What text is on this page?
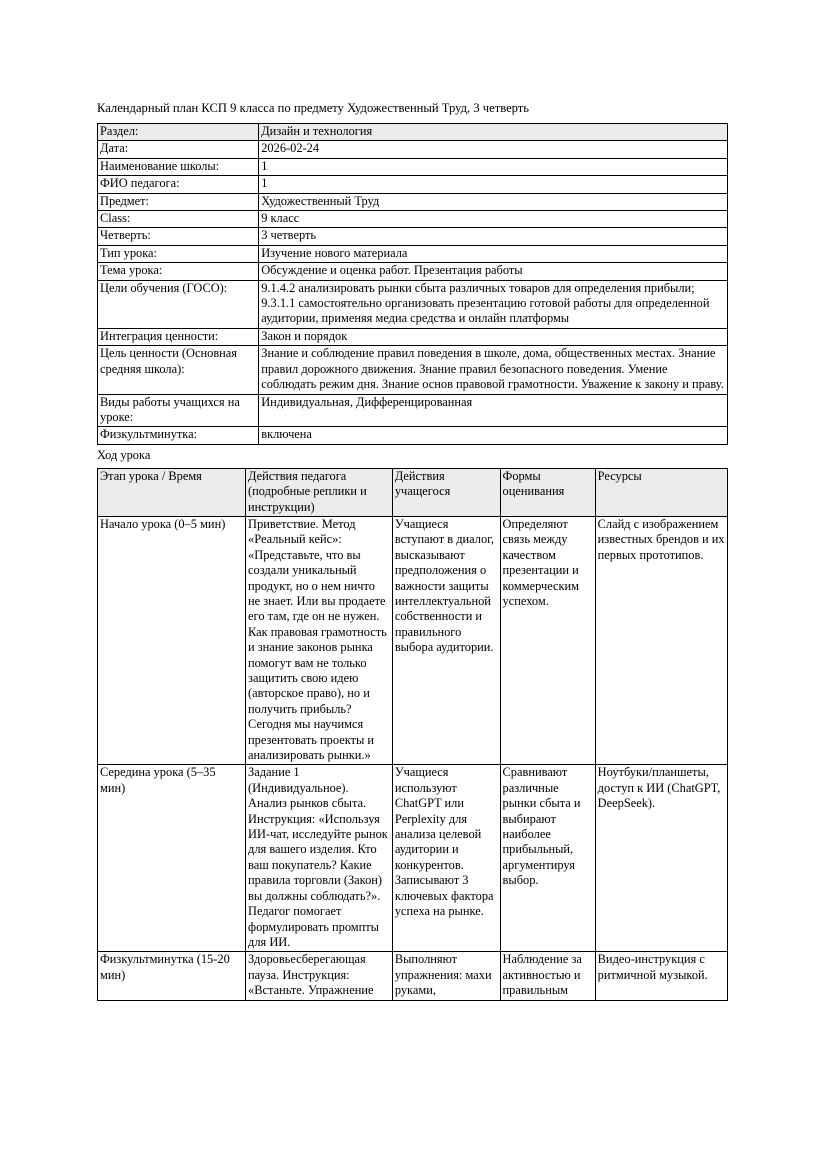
Календарный план КСП 9 класса по предмету Художественный Труд, 3 четверть

Раздел:	Дизайн и технология
Дата:	2026-02-24
Наименование школы:	1
ФИО педагога:	1
Предмет:	Художественный Труд
Class:	9 класс
Четверть:	3 четверть
Тип урока:	Изучение нового материала
Тема урока:	Обсуждение и оценка работ. Презентация работы
Цели обучения (ГОСО):	9.1.4.2 анализировать рынки сбыта различных товаров для определения прибыли; 9.3.1.1 самостоятельно организовать презентацию готовой работы для определенной аудитории, применяя медиа средства и онлайн платформы
Интеграция ценности:	Закон и порядок
Цель ценности (Основная средняя школа):	Знание и соблюдение правил поведения в школе, дома, общественных местах. Знание правил дорожного движения. Знание правил безопасного поведения. Умение соблюдать режим дня. Знание основ правовой грамотности. Уважение к закону и праву.
Виды работы учащихся на уроке:	Индивидуальная, Дифференцированная
Физкультминутка:	включена

Ход урока

Этап урока / Время	Действия педагога (подробные реплики и инструкции)	Действия учащегося	Формы оценивания	Ресурсы
Начало урока (0–5 мин)	Приветствие. Метод «Реальный кейс»: «Представьте, что вы создали уникальный продукт, но о нем ничто не знает. Или вы продаете его там, где он не нужен. Как правовая грамотность и знание законов рынка помогут вам не только защитить свою идею (авторское право), но и получить прибыль? Сегодня мы научимся презентовать проекты и анализировать рынки.»	Учащиеся вступают в диалог, высказывают предположения о важности защиты интеллектуальной собственности и правильного выбора аудитории.	Определяют связь между качеством презентации и коммерческим успехом.	Слайд с изображением известных брендов и их первых прототипов.
Середина урока (5–35 мин)	Задание 1 (Индивидуальное). Анализ рынков сбыта. Инструкция: «Используя ИИ-чат, исследуйте рынок для вашего изделия. Кто ваш покупатель? Какие правила торговли (Закон) вы должны соблюдать?». Педагог помогает формулировать промпты для ИИ.	Учащиеся используют ChatGPT или Perplexity для анализа целевой аудитории и конкурентов. Записывают 3 ключевых фактора успеха на рынке.	Сравнивают различные рынки сбыта и выбирают наиболее прибыльный, аргументируя выбор.	Ноутбуки/планшеты, доступ к ИИ (ChatGPT, DeepSeek).
Физкультминутка (15-20 мин)	Здоровьесберегающая пауза. Инструкция: «Встаньте. Упражнение	Выполняют упражнения: махи руками,	Наблюдение за активностью и правильным	Видео-инструкция с ритмичной музыкой.
